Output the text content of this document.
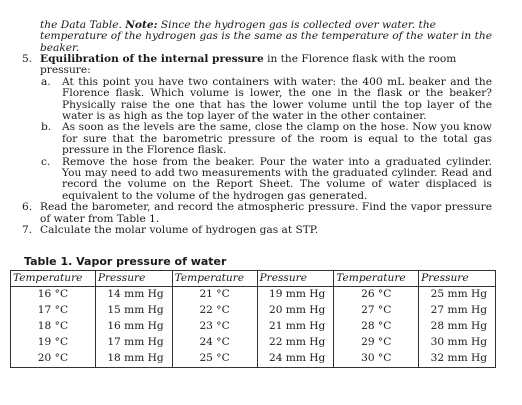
the Data Table. Note: Since the hydrogen gas is collected over water. the temperature of the hydrogen gas is the same as the temperature of the water in the beaker.
5. Equilibration of the internal pressure in the Florence flask with the room pressure:
a. At this point you have two containers with water: the 400 mL beaker and the Florence flask. Which volume is lower, the one in the flask or the beaker? Physically raise the one that has the lower volume until the top layer of the water is as high as the top layer of the water in the other container.
b. As soon as the levels are the same, close the clamp on the hose. Now you know for sure that the barometric pressure of the room is equal to the total gas pressure in the Florence flask.
c. Remove the hose from the beaker. Pour the water into a graduated cylinder. You may need to add two measurements with the graduated cylinder. Read and record the volume on the Report Sheet. The volume of water displaced is equivalent to the volume of the hydrogen gas generated.
6. Read the barometer, and record the atmospheric pressure. Find the vapor pressure of water from Table 1.
7. Calculate the molar volume of hydrogen gas at STP.
Table 1. Vapor pressure of water
Temperature	Pressure	Temperature	Pressure	Temperature	Pressure
16 °C	14 mm Hg	21 °C	19 mm Hg	26 °C	25 mm Hg
17 °C	15 mm Hg	22 °C	20 mm Hg	27 °C	27 mm Hg
18 °C	16 mm Hg	23 °C	21 mm Hg	28 °C	28 mm Hg
19 °C	17 mm Hg	24 °C	22 mm Hg	29 °C	30 mm Hg
20 °C	18 mm Hg	25 °C	24 mm Hg	30 °C	32 mm Hg
